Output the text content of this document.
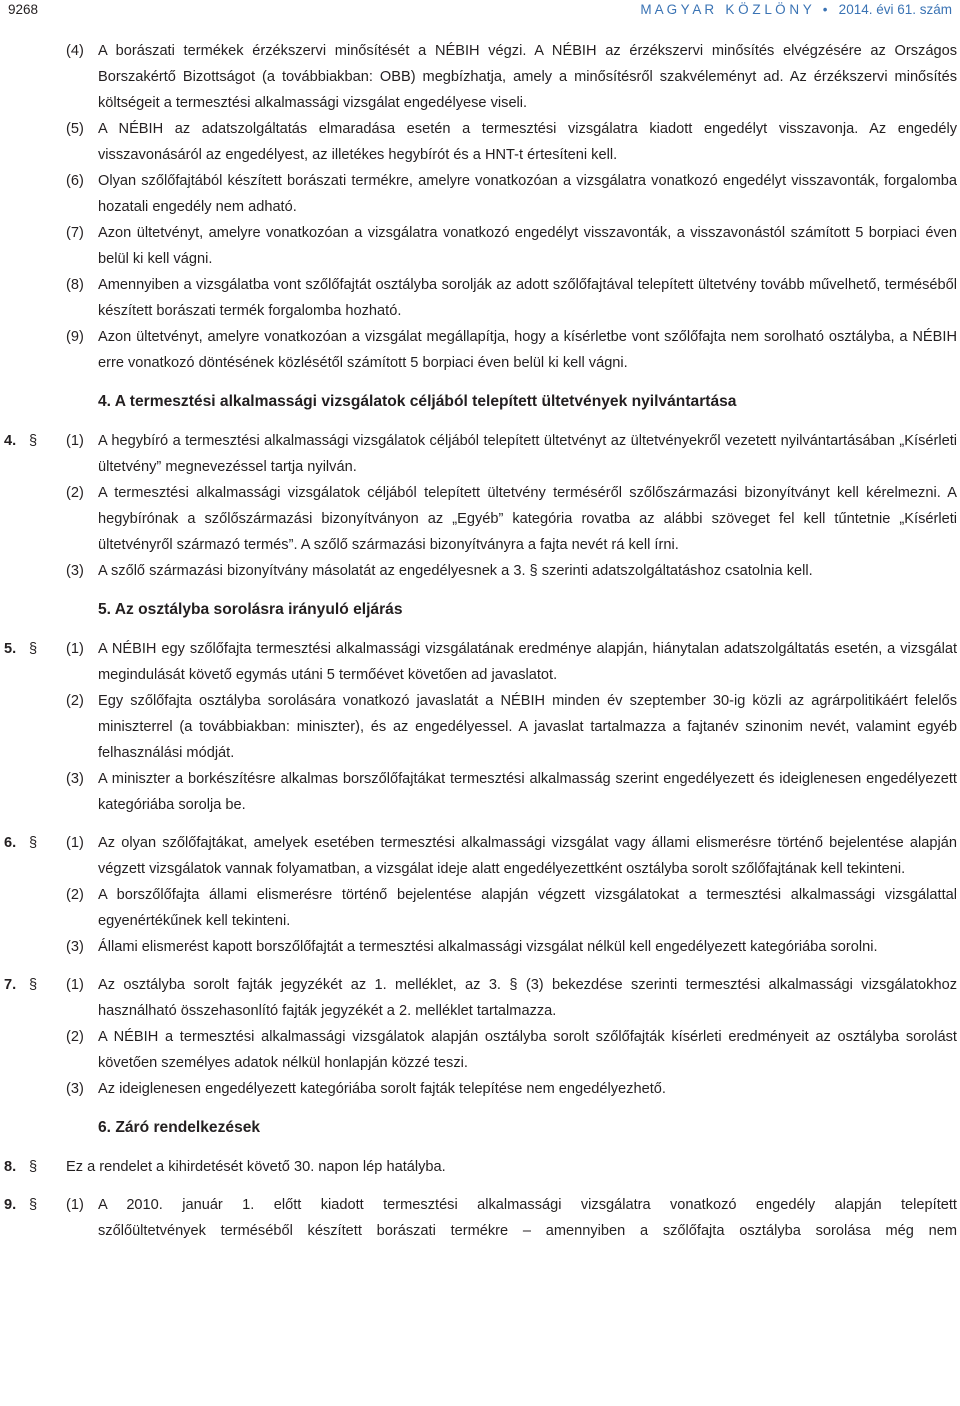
9268	M A G Y A R   K Ö Z L Ö N Y   •   2014. évi 61. szám
(4) A borászati termékek érzékszervi minősítését a NÉBIH végzi. A NÉBIH az érzékszervi minősítés elvégzésére az Országos Borszakértő Bizottságot (a továbbiakban: OBB) megbízhatja, amely a minősítésről szakvéleményt ad. Az érzékszervi minősítés költségeit a termesztési alkalmassági vizsgálat engedélyese viseli.
(5) A NÉBIH az adatszolgáltatás elmaradása esetén a termesztési vizsgálatra kiadott engedélyt visszavonja. Az engedély visszavonásáról az engedélyest, az illetékes hegybírót és a HNT-t értesíteni kell.
(6) Olyan szőlőfajtából készített borászati termékre, amelyre vonatkozóan a vizsgálatra vonatkozó engedélyt visszavonták, forgalomba hozatali engedély nem adható.
(7) Azon ültetvényt, amelyre vonatkozóan a vizsgálatra vonatkozó engedélyt visszavonták, a visszavonástól számított 5 borpiaci éven belül ki kell vágni.
(8) Amennyiben a vizsgálatba vont szőlőfajtát osztályba sorolják az adott szőlőfajtával telepített ültetvény tovább művelhető, terméséből készített borászati termék forgalomba hozható.
(9) Azon ültetvényt, amelyre vonatkozóan a vizsgálat megállapítja, hogy a kísérletbe vont szőlőfajta nem sorolható osztályba, a NÉBIH erre vonatkozó döntésének közlésétől számított 5 borpiaci éven belül ki kell vágni.
4. A termesztési alkalmassági vizsgálatok céljából telepített ültetvények nyilvántartása
4. §	(1) A hegybíró a termesztési alkalmassági vizsgálatok céljából telepített ültetvényt az ültetvényekről vezetett nyilvántartásában „Kísérleti ültetvény” megnevezéssel tartja nyilván.
(2) A termesztési alkalmassági vizsgálatok céljából telepített ültetvény terméséről szőlőszármazási bizonyítványt kell kérelmezni. A hegybírónak a szőlőszármazási bizonyítványon az „Egyéb” kategória rovatba az alábbi szöveget fel kell tűntetnie „Kísérleti ültetvényről származó termés”. A szőlő származási bizonyítványra a fajta nevét rá kell írni.
(3) A szőlő származási bizonyítvány másolatát az engedélyesnek a 3. § szerinti adatszolgáltatáshoz csatolnia kell.
5. Az osztályba sorolásra irányuló eljárás
5. §	(1) A NÉBIH egy szőlőfajta termesztési alkalmassági vizsgálatának eredménye alapján, hiánytalan adatszolgáltatás esetén, a vizsgálat megindulását követő egymás utáni 5 termőévet követően ad javaslatot.
(2) Egy szőlőfajta osztályba sorolására vonatkozó javaslatát a NÉBIH minden év szeptember 30-ig közli az agrárpolitikáért felelős miniszterrel (a továbbiakban: miniszter), és az engedélyessel. A javaslat tartalmazza a fajtanév szinonim nevét, valamint egyéb felhasználási módját.
(3) A miniszter a borkészítésre alkalmas borszőlőfajtákat termesztési alkalmasság szerint engedélyezett és ideiglenesen engedélyezett kategóriába sorolja be.
6. §	(1) Az olyan szőlőfajtákat, amelyek esetében termesztési alkalmassági vizsgálat vagy állami elismerésre történő bejelentése alapján végzett vizsgálatok vannak folyamatban, a vizsgálat ideje alatt engedélyezettként osztályba sorolt szőlőfajtának kell tekinteni.
(2) A borszőlőfajta állami elismerésre történő bejelentése alapján végzett vizsgálatokat a termesztési alkalmassági vizsgálattal egyenértékűnek kell tekinteni.
(3) Állami elismerést kapott borszőlőfajtát a termesztési alkalmassági vizsgálat nélkül kell engedélyezett kategóriába sorolni.
7. §	(1) Az osztályba sorolt fajták jegyzékét az 1. melléklet, az 3. § (3) bekezdése szerinti termesztési alkalmassági vizsgálatokhoz használható összehasonlító fajták jegyzékét a 2. melléklet tartalmazza.
(2) A NÉBIH a termesztési alkalmassági vizsgálatok alapján osztályba sorolt szőlőfajták kísérleti eredményeit az osztályba sorolást követően személyes adatok nélkül honlapján közzé teszi.
(3) Az ideiglenesen engedélyezett kategóriába sorolt fajták telepítése nem engedélyezhető.
6. Záró rendelkezések
8. §	Ez a rendelet a kihirdetését követő 30. napon lép hatályba.
9. §	(1) A 2010. január 1. előtt kiadott termesztési alkalmassági vizsgálatra vonatkozó engedély alapján telepített
szőlőültetvények terméséből készített borászati termékre – amennyiben a szőlőfajta osztályba sorolása még nem
